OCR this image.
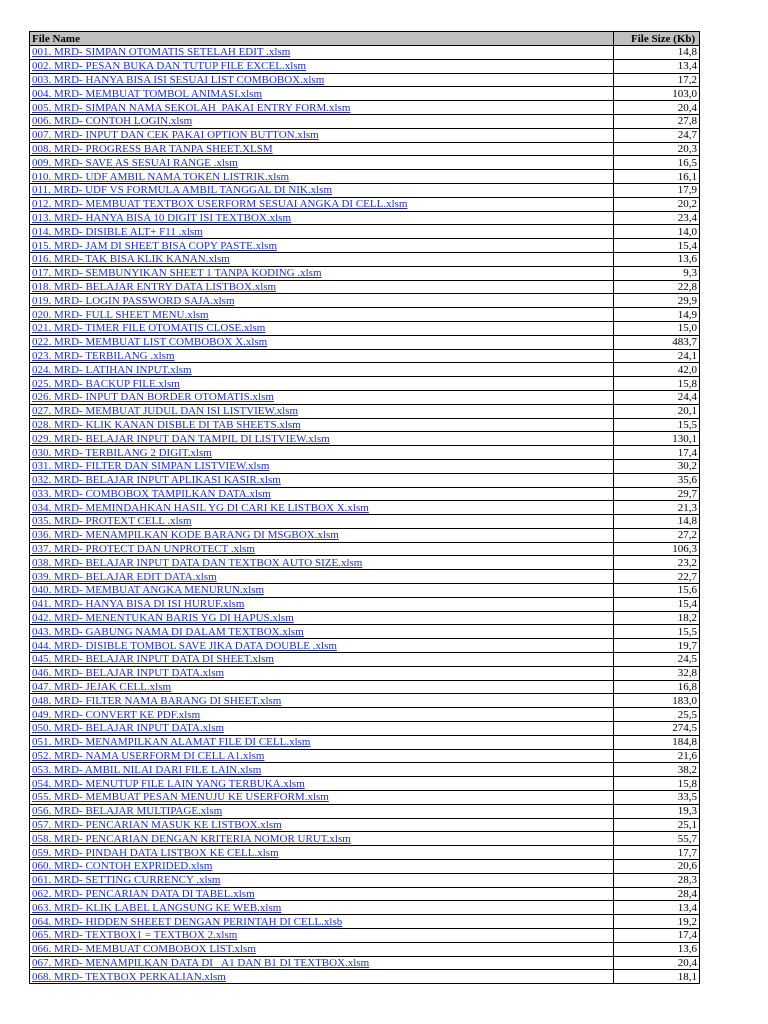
File Name	File Size (Kb)
001. MRD- SIMPAN OTOMATIS SETELAH EDIT .xlsm	14,8
002. MRD- PESAN BUKA DAN TUTUP FILE EXCEL.xlsm	13,4
003. MRD- HANYA BISA ISI SESUAI LIST COMBOBOX.xlsm	17,2
004. MRD- MEMBUAT TOMBOL ANIMASI.xlsm	103,0
005. MRD- SIMPAN NAMA SEKOLAH_PAKAI ENTRY FORM.xlsm	20,4
006. MRD- CONTOH LOGIN.xlsm	27,8
007. MRD- INPUT DAN CEK PAKAI OPTION BUTTON.xlsm	24,7
008. MRD- PROGRESS BAR TANPA SHEET.XLSM	20,3
009. MRD- SAVE AS SESUAI RANGE .xlsm	16,5
010. MRD- UDF AMBIL NAMA TOKEN LISTRIK.xlsm	16,1
011. MRD- UDF VS FORMULA AMBIL TANGGAL DI NIK.xlsm	17,9
012. MRD- MEMBUAT TEXTBOX USERFORM SESUAI ANGKA DI CELL.xlsm	20,2
013. MRD- HANYA BISA 10 DIGIT ISI TEXTBOX.xlsm	23,4
014. MRD- DISIBLE ALT+ F11 .xlsm	14,0
015. MRD- JAM DI SHEET BISA COPY PASTE.xlsm	15,4
016. MRD- TAK BISA KLIK KANAN.xlsm	13,6
017. MRD- SEMBUNYIKAN SHEET 1 TANPA KODING .xlsm	9,3
018. MRD- BELAJAR ENTRY DATA LISTBOX.xlsm	22,8
019. MRD- LOGIN PASSWORD SAJA.xlsm	29,9
020. MRD- FULL SHEET MENU.xlsm	14,9
021. MRD- TIMER FILE OTOMATIS CLOSE.xlsm	15,0
022. MRD- MEMBUAT LIST COMBOBOX X.xlsm	483,7
023. MRD- TERBILANG .xlsm	24,1
024. MRD- LATIHAN INPUT.xlsm	42,0
025. MRD- BACKUP FILE.xlsm	15,8
026. MRD- INPUT DAN BORDER OTOMATIS.xlsm	24,4
027. MRD- MEMBUAT JUDUL DAN ISI LISTVIEW.xlsm	20,1
028. MRD- KLIK KANAN DISBLE DI TAB SHEETS.xlsm	15,5
029. MRD- BELAJAR INPUT DAN TAMPIL DI LISTVIEW.xlsm	130,1
030. MRD- TERBILANG 2 DIGIT.xlsm	17,4
031. MRD- FILTER DAN SIMPAN LISTVIEW.xlsm	30,2
032. MRD- BELAJAR INPUT APLIKASI KASIR.xlsm	35,6
033. MRD- COMBOBOX TAMPILKAN DATA.xlsm	29,7
034. MRD- MEMINDAHKAN HASIL YG DI CARI KE LISTBOX X.xlsm	21,3
035. MRD- PROTEXT CELL .xlsm	14,8
036. MRD- MENAMPILKAN KODE BARANG DI MSGBOX.xlsm	27,2
037. MRD- PROTECT DAN UNPROTECT .xlsm	106,3
038. MRD- BELAJAR INPUT DATA DAN TEXTBOX AUTO SIZE.xlsm	23,2
039. MRD- BELAJAR EDIT DATA.xlsm	22,7
040. MRD- MEMBUAT ANGKA MENURUN.xlsm	15,6
041. MRD- HANYA BISA DI ISI HURUF.xlsm	15,4
042. MRD- MENENTUKAN BARIS YG DI HAPUS.xlsm	18,2
043. MRD- GABUNG NAMA DI DALAM TEXTBOX.xlsm	15,5
044. MRD- DISIBLE TOMBOL SAVE JIKA DATA DOUBLE .xlsm	19,7
045. MRD- BELAJAR INPUT DATA DI SHEET.xlsm	24,5
046. MRD- BELAJAR INPUT DATA.xlsm	32,8
047. MRD- JEJAK CELL.xlsm	16,8
048. MRD- FILTER NAMA BARANG DI SHEET.xlsm	183,0
049. MRD- CONVERT KE PDF.xlsm	25,5
050. MRD- BELAJAR INPUT DATA.xlsm	274,5
051. MRD- MENAMPILKAN ALAMAT FILE DI CELL.xlsm	184,8
052. MRD- NAMA USERFORM DI CELL A1.xlsm	21,6
053. MRD- AMBIL NILAI DARI FILE LAIN.xlsm	38,2
054. MRD- MENUTUP FILE LAIN YANG TERBUKA.xlsm	15,8
055. MRD- MEMBUAT PESAN MENUJU KE USERFORM.xlsm	33,5
056. MRD- BELAJAR MULTIPAGE.xlsm	19,3
057. MRD- PENCARIAN MASUK KE LISTBOX.xlsm	25,1
058. MRD- PENCARIAN DENGAN KRITERIA NOMOR URUT.xlsm	55,7
059. MRD- PINDAH DATA LISTBOX KE CELL.xlsm	17,7
060. MRD- CONTOH EXPRIDED.xlsm	20,6
061. MRD- SETTING CURRENCY .xlsm	28,3
062. MRD- PENCARIAN DATA DI TABEL.xlsm	28,4
063. MRD- KLIK LABEL LANGSUNG KE WEB.xlsm	13,4
064. MRD- HIDDEN SHEEET DENGAN PERINTAH DI CELL.xlsb	19,2
065. MRD- TEXTBOX1 = TEXTBOX 2.xlsm	17,4
066. MRD- MEMBUAT COMBOBOX LIST.xlsm	13,6
067. MRD- MENAMPILKAN DATA DI _A1 DAN B1 DI TEXTBOX.xlsm	20,4
068. MRD- TEXTBOX PERKALIAN.xlsm	18,1
